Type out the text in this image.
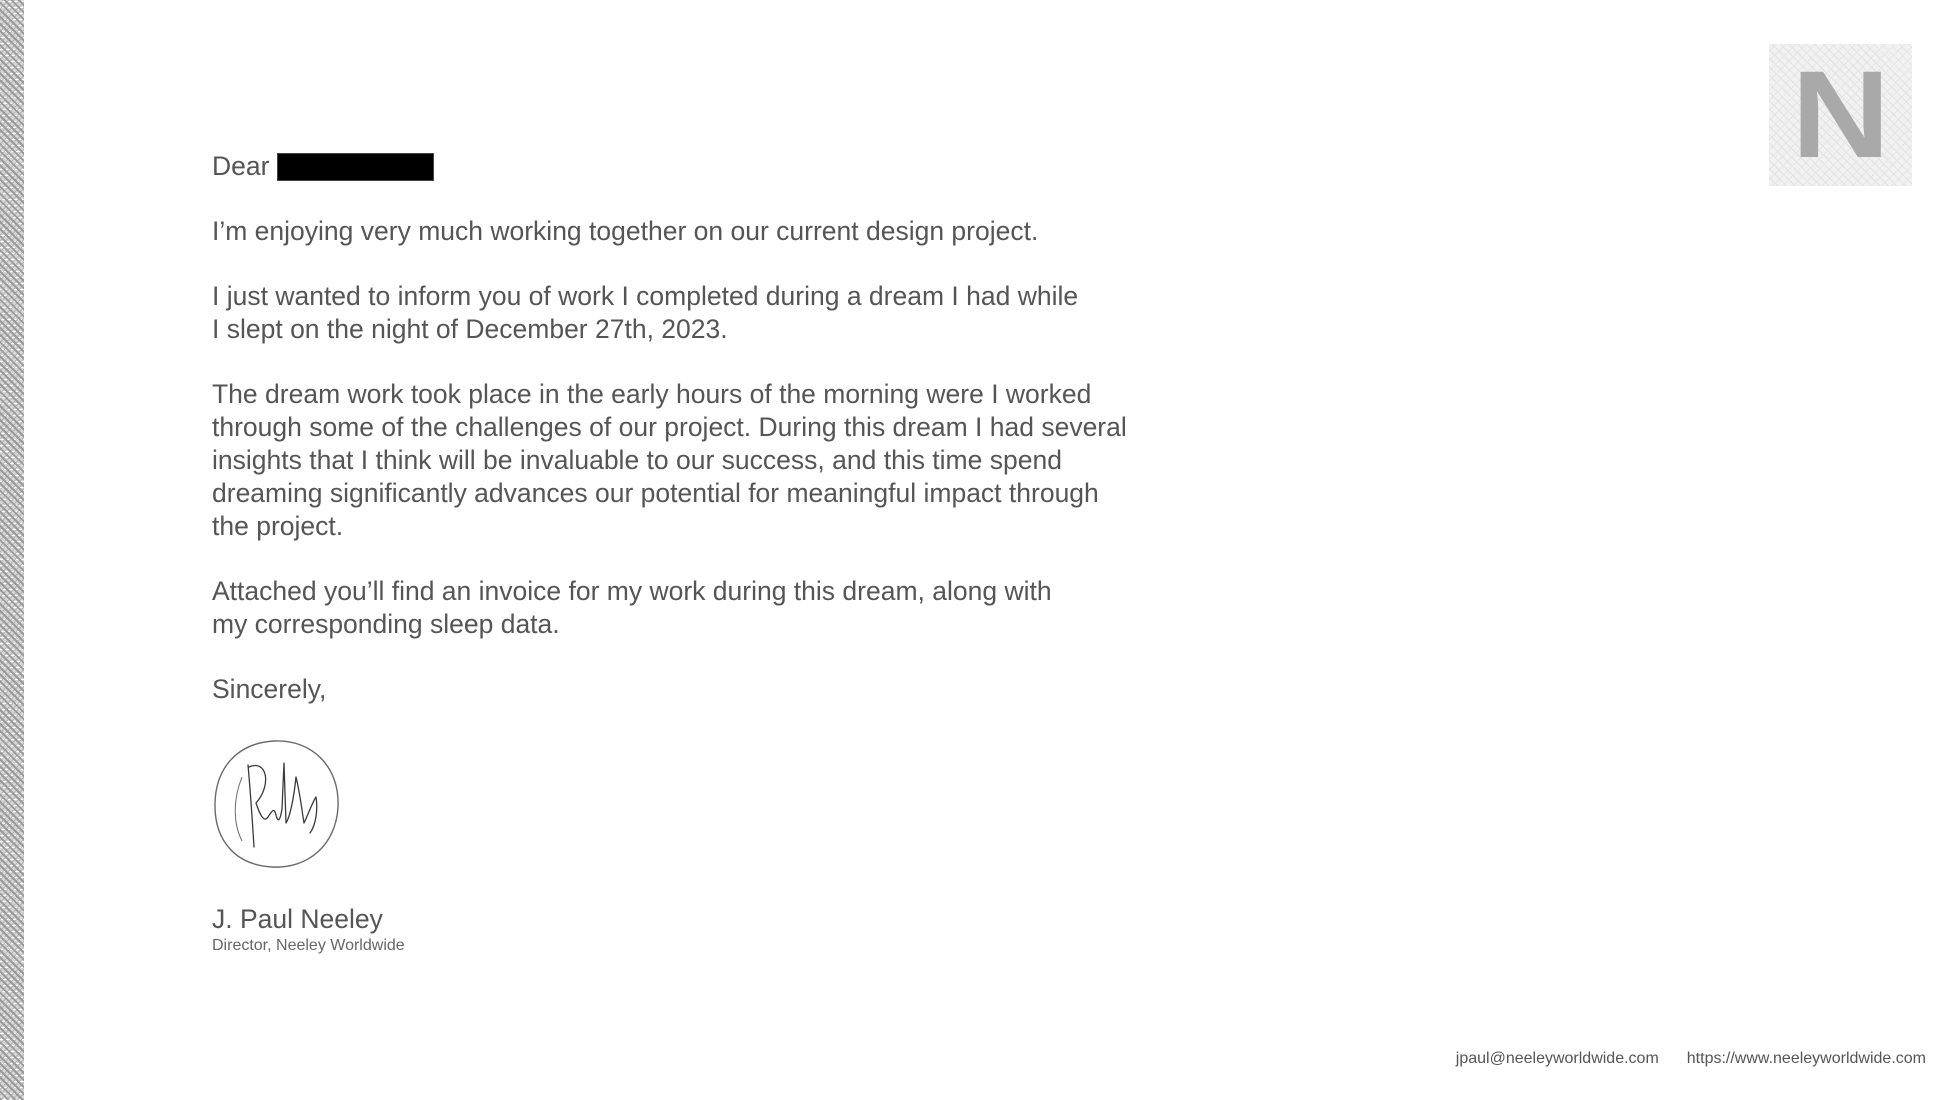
N

Dear

I’m enjoying very much working together on our current design project.

I just wanted to inform you of work I completed during a dream I had while I slept on the night of December 27th, 2023.

The dream work took place in the early hours of the morning were I worked through some of the challenges of our project. During this dream I had several insights that I think will be invaluable to our success, and this time spend dreaming significantly advances our potential for meaningful impact through the project.

Attached you’ll find an invoice for my work during this dream, along with my corresponding sleep data.

Sincerely,

J. Paul Neeley
Director, Neeley Worldwide
jpaul@neeleyworldwide.com https://www.neeleyworldwide.com
